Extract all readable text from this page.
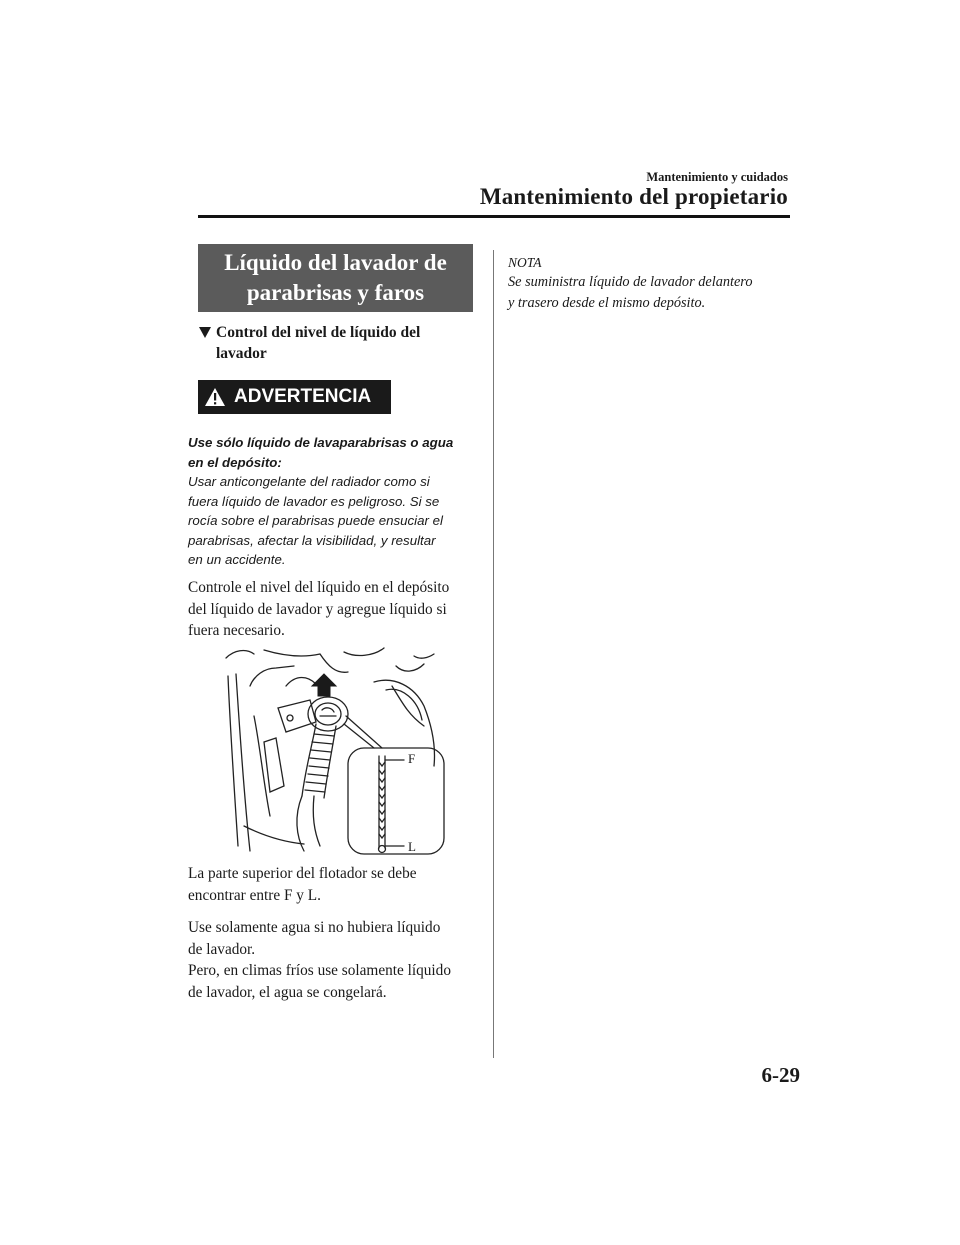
Mantenimiento y cuidados
Mantenimiento del propietario
Líquido del lavador de
parabrisas y faros
Control del nivel de líquido del
lavador
ADVERTENCIA
Use sólo líquido de lavaparabrisas o agua
en el depósito:
Usar anticongelante del radiador como si
fuera líquido de lavador es peligroso. Si se
rocía sobre el parabrisas puede ensuciar el
parabrisas, afectar la visibilidad, y resultar
en un accidente.
Controle el nivel del líquido en el depósito
del líquido de lavador y agregue líquido si
fuera necesario.
F
L
La parte superior del flotador se debe
encontrar entre F y L.
Use solamente agua si no hubiera líquido
de lavador.
Pero, en climas fríos use solamente líquido
de lavador, el agua se congelará.
NOTA
Se suministra líquido de lavador delantero
y trasero desde el mismo depósito.
6-29
